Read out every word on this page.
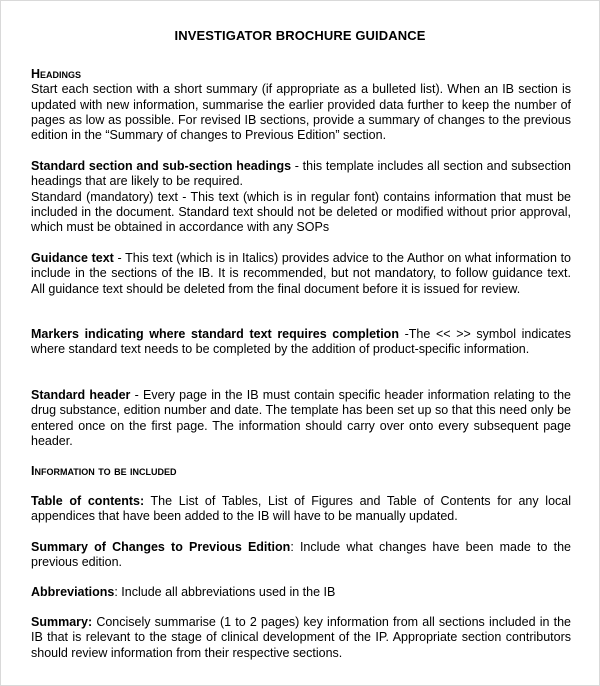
INVESTIGATOR BROCHURE GUIDANCE

Headings

Start each section with a short summary (if appropriate as a bulleted list). When an IB section is updated with new information, summarise the earlier provided data further to keep the number of pages as low as possible. For revised IB sections, provide a summary of changes to the previous edition in the “Summary of changes to Previous Edition” section.

Standard section and sub-section headings - this template includes all section and subsection headings that are likely to be required.

Standard (mandatory) text - This text (which is in regular font) contains information that must be included in the document. Standard text should not be deleted or modified without prior approval, which must be obtained in accordance with any SOPs

Guidance text - This text (which is in Italics) provides advice to the Author on what information to include in the sections of the IB. It is recommended, but not mandatory, to follow guidance text. All guidance text should be deleted from the final document before it is issued for review.

Markers indicating where standard text requires completion -The << >> symbol indicates where standard text needs to be completed by the addition of product-specific information.

Standard header - Every page in the IB must contain specific header information relating to the drug substance, edition number and date. The template has been set up so that this need only be entered once on the first page. The information should carry over onto every subsequent page header.

Information to be included

Table of contents: The List of Tables, List of Figures and Table of Contents for any local appendices that have been added to the IB will have to be manually updated.

Summary of Changes to Previous Edition: Include what changes have been made to the previous edition.

Abbreviations: Include all abbreviations used in the IB

Summary: Concisely summarise (1 to 2 pages) key information from all sections included in the IB that is relevant to the stage of clinical development of the IP. Appropriate section contributors should review information from their respective sections.
